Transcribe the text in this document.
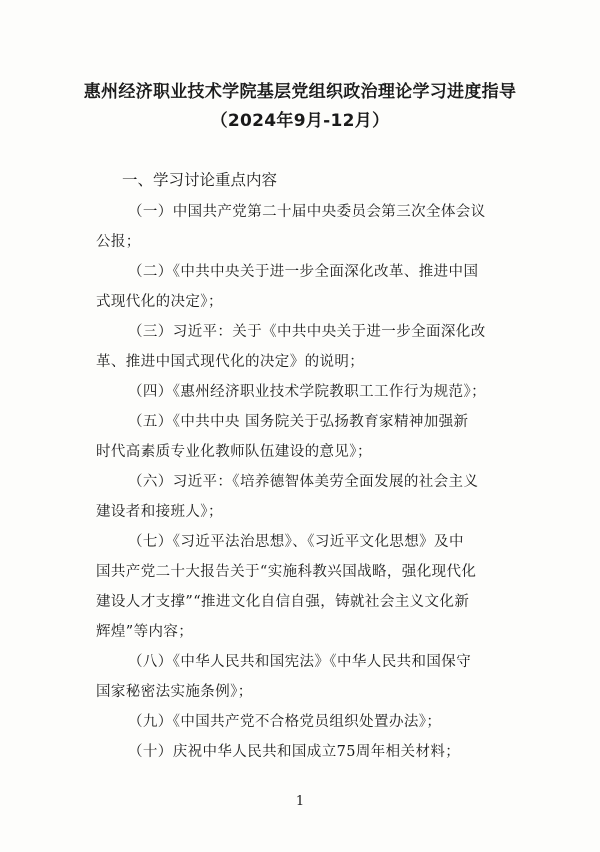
惠州经济职业技术学院基层党组织政治理论学习进度指导
（2024年9月-12月）
一、学习讨论重点内容
（一）中国共产党第二十届中央委员会第三次全体会议
公报；
（二）《中共中央关于进一步全面深化改革、推进中国
式现代化的决定》；
（三）习近平：关于《中共中央关于进一步全面深化改
革、推进中国式现代化的决定》的说明；
（四）《惠州经济职业技术学院教职工工作行为规范》；
（五）《中共中央 国务院关于弘扬教育家精神加强新
时代高素质专业化教师队伍建设的意见》；
（六）习近平：《培养德智体美劳全面发展的社会主义
建设者和接班人》；
（七）《习近平法治思想》、《习近平文化思想》及中
国共产党二十大报告关于“实施科教兴国战略，强化现代化
建设人才支撑”“推进文化自信自强，铸就社会主义文化新
辉煌”等内容；
（八）《中华人民共和国宪法》《中华人民共和国保守
国家秘密法实施条例》；
（九）《中国共产党不合格党员组织处置办法》；
（十）庆祝中华人民共和国成立75周年相关材料；
1
